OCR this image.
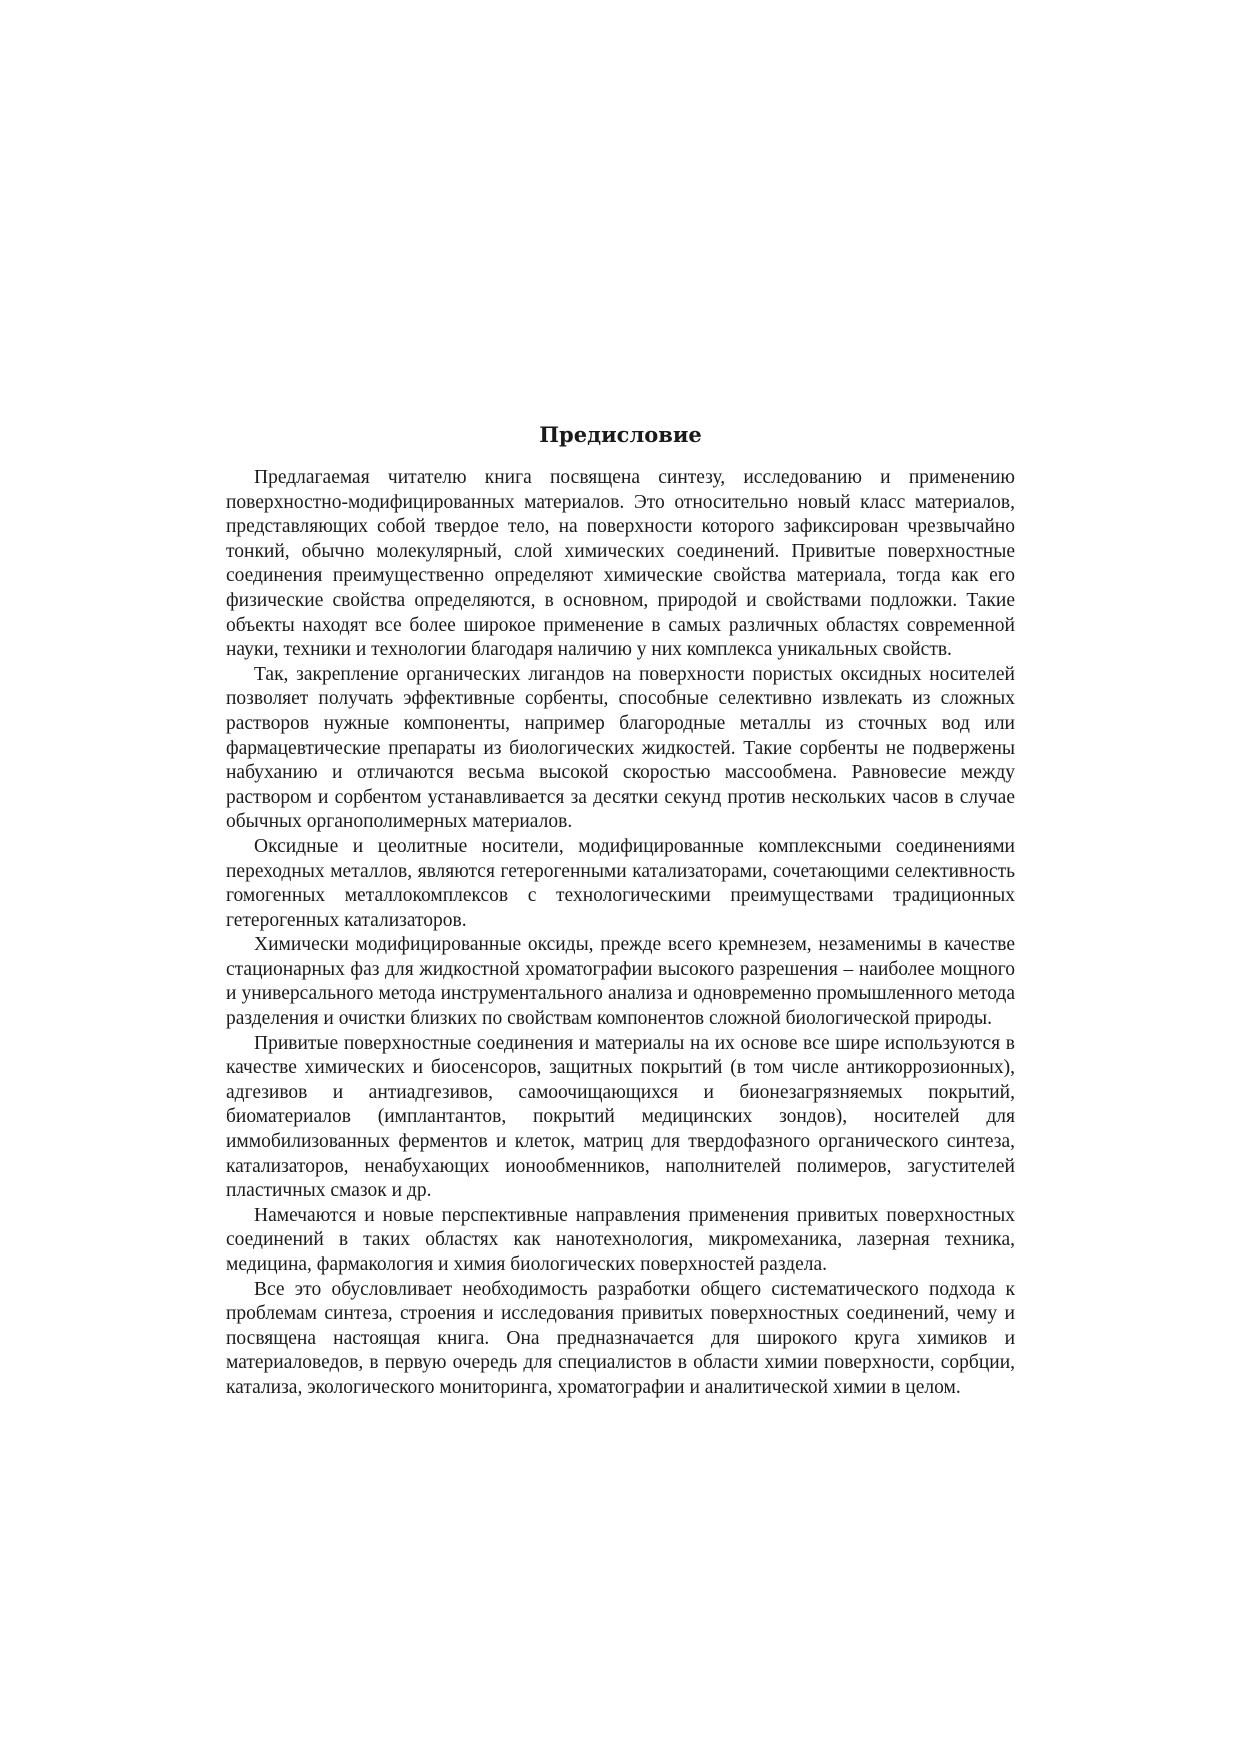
Предисловие

Предлагаемая читателю книга посвящена синтезу, исследованию и применению поверхностно-модифицированных материалов. Это относительно новый класс материалов, представляющих собой твердое тело, на поверхности которого зафиксирован чрезвычайно тонкий, обычно молекулярный, слой химических соединений. Привитые поверхностные соединения преимущественно определяют химические свойства материала, тогда как его физические свойства определяются, в основном, природой и свойствами подложки. Такие объекты находят все более широкое применение в самых различных областях современной науки, техники и технологии благодаря наличию у них комплекса уникальных свойств.

Так, закрепление органических лигандов на поверхности пористых оксидных носителей позволяет получать эффективные сорбенты, способные селективно извлекать из сложных растворов нужные компоненты, например благородные металлы из сточных вод или фармацевтические препараты из биологических жидкостей. Такие сорбенты не подвержены набуханию и отличаются весьма высокой скоростью массообмена. Равновесие между раствором и сорбентом устанавливается за десятки секунд против нескольких часов в случае обычных органополимерных материалов.

Оксидные и цеолитные носители, модифицированные комплексными соединениями переходных металлов, являются гетерогенными катализаторами, сочетающими селективность гомогенных металлокомплексов с технологическими преимуществами традиционных гетерогенных катализаторов.

Химически модифицированные оксиды, прежде всего кремнезем, незаменимы в качестве стационарных фаз для жидкостной хроматографии высокого разрешения – наиболее мощного и универсального метода инструментального анализа и одновременно промышленного метода разделения и очистки близких по свойствам компонентов сложной биологической природы.

Привитые поверхностные соединения и материалы на их основе все шире используются в качестве химических и биосенсоров, защитных покрытий (в том числе антикоррозионных), адгезивов и антиадгезивов, самоочищающихся и бионезагрязняемых покрытий, биоматериалов (имплантантов, покрытий медицинских зондов), носителей для иммобилизованных ферментов и клеток, матриц для твердофазного органического синтеза, катализаторов, ненабухающих ионообменников, наполнителей полимеров, загустителей пластичных смазок и др.

Намечаются и новые перспективные направления применения привитых поверхностных соединений в таких областях как нанотехнология, микромеханика, лазерная техника, медицина, фармакология и химия биологических поверхностей раздела.

Все это обусловливает необходимость разработки общего систематического подхода к проблемам синтеза, строения и исследования привитых поверхностных соединений, чему и посвящена настоящая книга. Она предназначается для широкого круга химиков и материаловедов, в первую очередь для специалистов в области химии поверхности, сорбции, катализа, экологического мониторинга, хроматографии и аналитической химии в целом.
